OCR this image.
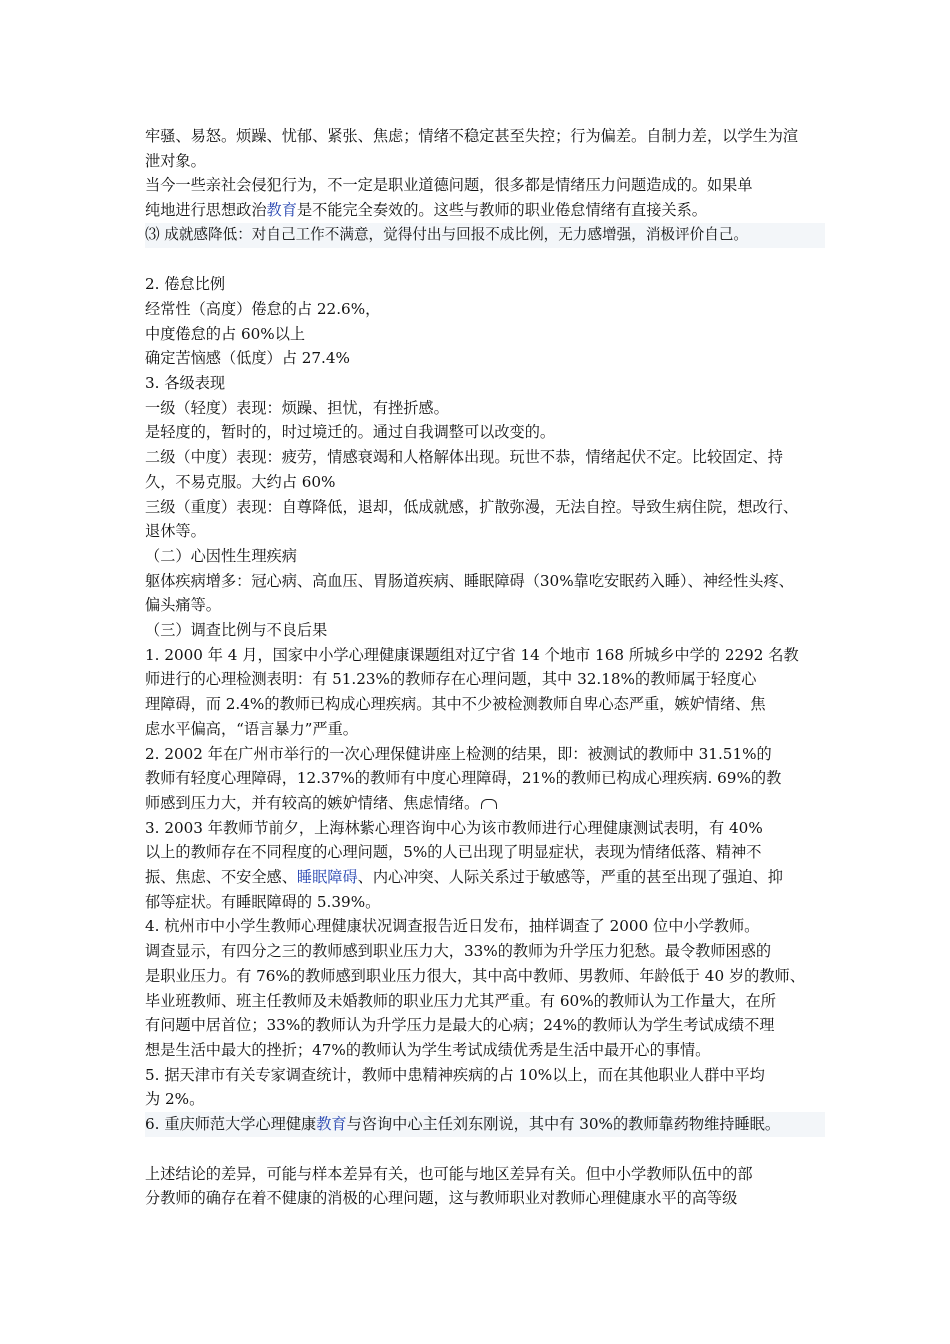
牢骚、易怒。烦躁、忧郁、紧张、焦虑；情绪不稳定甚至失控；行为偏差。自制力差，以学生为渲

泄对象。

当今一些亲社会侵犯行为，不一定是职业道德问题，很多都是情绪压力问题造成的。如果单

纯地进行思想政治教育是不能完全奏效的。这些与教师的职业倦怠情绪有直接关系。

⑶ 成就感降低：对自己工作不满意，觉得付出与回报不成比例，无力感增强，消极评价自己。

2. 倦怠比例

经常性（高度）倦怠的占 22.6%，

中度倦怠的占 60%以上

确定苦恼感（低度）占 27.4%

3. 各级表现

一级（轻度）表现：烦躁、担忧，有挫折感。

是轻度的，暂时的，时过境迁的。通过自我调整可以改变的。

二级（中度）表现：疲劳，情感衰竭和人格解体出现。玩世不恭，情绪起伏不定。比较固定、持

久，不易克服。大约占 60%

三级（重度）表现：自尊降低，退却，低成就感，扩散弥漫，无法自控。导致生病住院，想改行、

退休等。

（二）心因性生理疾病

躯体疾病增多：冠心病、高血压、胃肠道疾病、睡眠障碍（30%靠吃安眠药入睡）、神经性头疼、

偏头痛等。

（三）调查比例与不良后果

1. 2000 年 4 月，国家中小学心理健康课题组对辽宁省 14 个地市 168 所城乡中学的 2292 名教

师进行的心理检测表明：有 51.23%的教师存在心理问题，其中 32.18%的教师属于轻度心

理障碍，而 2.4%的教师已构成心理疾病。其中不少被检测教师自卑心态严重，嫉妒情绪、焦

虑水平偏高，“语言暴力”严重。

2. 2002 年在广州市举行的一次心理保健讲座上检测的结果，即：被测试的教师中 31.51%的

教师有轻度心理障碍，12.37%的教师有中度心理障碍，21%的教师已构成心理疾病. 69%的教

师感到压力大，并有较高的嫉妒情绪、焦虑情绪。

3. 2003 年教师节前夕，上海林紫心理咨询中心为该市教师进行心理健康测试表明，有 40%

以上的教师存在不同程度的心理问题，5%的人已出现了明显症状，表现为情绪低落、精神不

振、焦虑、不安全感、睡眠障碍、内心冲突、人际关系过于敏感等，严重的甚至出现了强迫、抑

郁等症状。有睡眠障碍的 5.39%。

4. 杭州市中小学生教师心理健康状况调查报告近日发布，抽样调查了 2000 位中小学教师。

调查显示，有四分之三的教师感到职业压力大，33%的教师为升学压力犯愁。最令教师困惑的

是职业压力。有 76%的教师感到职业压力很大，其中高中教师、男教师、年龄低于 40 岁的教师、

毕业班教师、班主任教师及未婚教师的职业压力尤其严重。有 60%的教师认为工作量大，在所

有问题中居首位；33%的教师认为升学压力是最大的心病；24%的教师认为学生考试成绩不理

想是生活中最大的挫折；47%的教师认为学生考试成绩优秀是生活中最开心的事情。

5. 据天津市有关专家调查统计，教师中患精神疾病的占 10%以上，而在其他职业人群中平均

为 2%。

6. 重庆师范大学心理健康教育与咨询中心主任刘东刚说，其中有 30%的教师靠药物维持睡眠。

上述结论的差异，可能与样本差异有关，也可能与地区差异有关。但中小学教师队伍中的部

分教师的确存在着不健康的消极的心理问题，这与教师职业对教师心理健康水平的高等级
